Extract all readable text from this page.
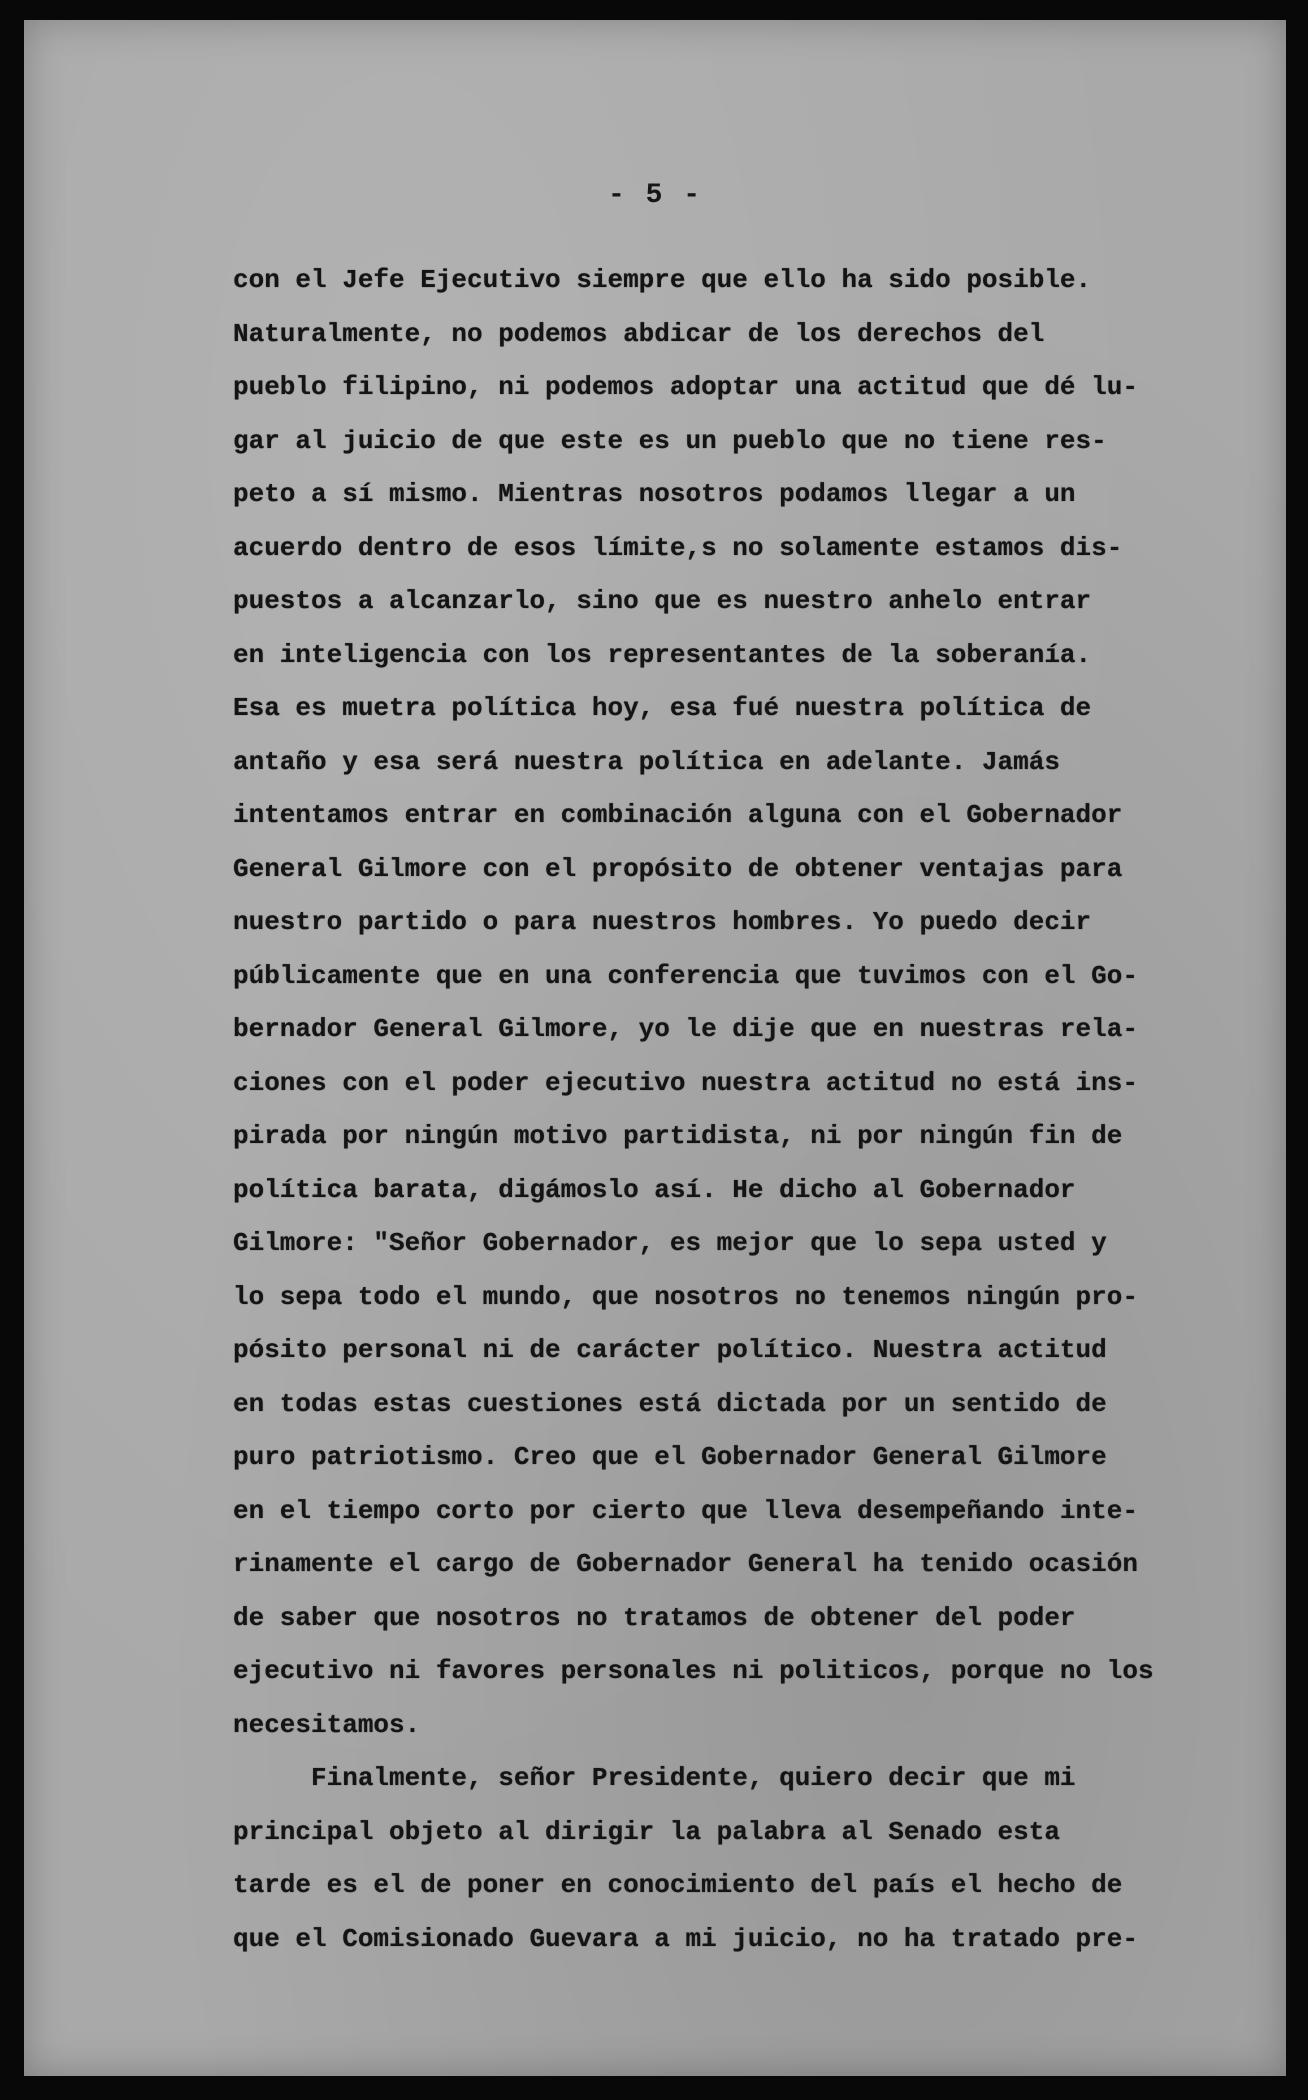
- 5 -
con el Jefe Ejecutivo siempre que ello ha sido posible.
Naturalmente, no podemos abdicar de los derechos del
pueblo filipino, ni podemos adoptar una actitud que dé lu-
gar al juicio de que este es un pueblo que no tiene res-
peto a sí mismo. Mientras nosotros podamos llegar a un
acuerdo dentro de esos límite,s no solamente estamos dis-
puestos a alcanzarlo, sino que es nuestro anhelo entrar
en inteligencia con los representantes de la soberanía.
Esa es muetra política hoy, esa fué nuestra política de
antaño y esa será nuestra política en adelante. Jamás
intentamos entrar en combinación alguna con el Gobernador
General Gilmore con el propósito de obtener ventajas para
nuestro partido o para nuestros hombres. Yo puedo decir
públicamente que en una conferencia que tuvimos con el Go-
bernador General Gilmore, yo le dije que en nuestras rela-
ciones con el poder ejecutivo nuestra actitud no está ins-
pirada por ningún motivo partidista, ni por ningún fin de
política barata, digámoslo así. He dicho al Gobernador
Gilmore: "Señor Gobernador, es mejor que lo sepa usted y
lo sepa todo el mundo, que nosotros no tenemos ningún pro-
pósito personal ni de carácter político. Nuestra actitud
en todas estas cuestiones está dictada por un sentido de
puro patriotismo. Creo que el Gobernador General Gilmore
en el tiempo corto por cierto que lleva desempeñando inte-
rinamente el cargo de Gobernador General ha tenido ocasión
de saber que nosotros no tratamos de obtener del poder
ejecutivo ni favores personales ni politicos, porque no los
necesitamos.
Finalmente, señor Presidente, quiero decir que mi
principal objeto al dirigir la palabra al Senado esta
tarde es el de poner en conocimiento del país el hecho de
que el Comisionado Guevara a mi juicio, no ha tratado pre-
